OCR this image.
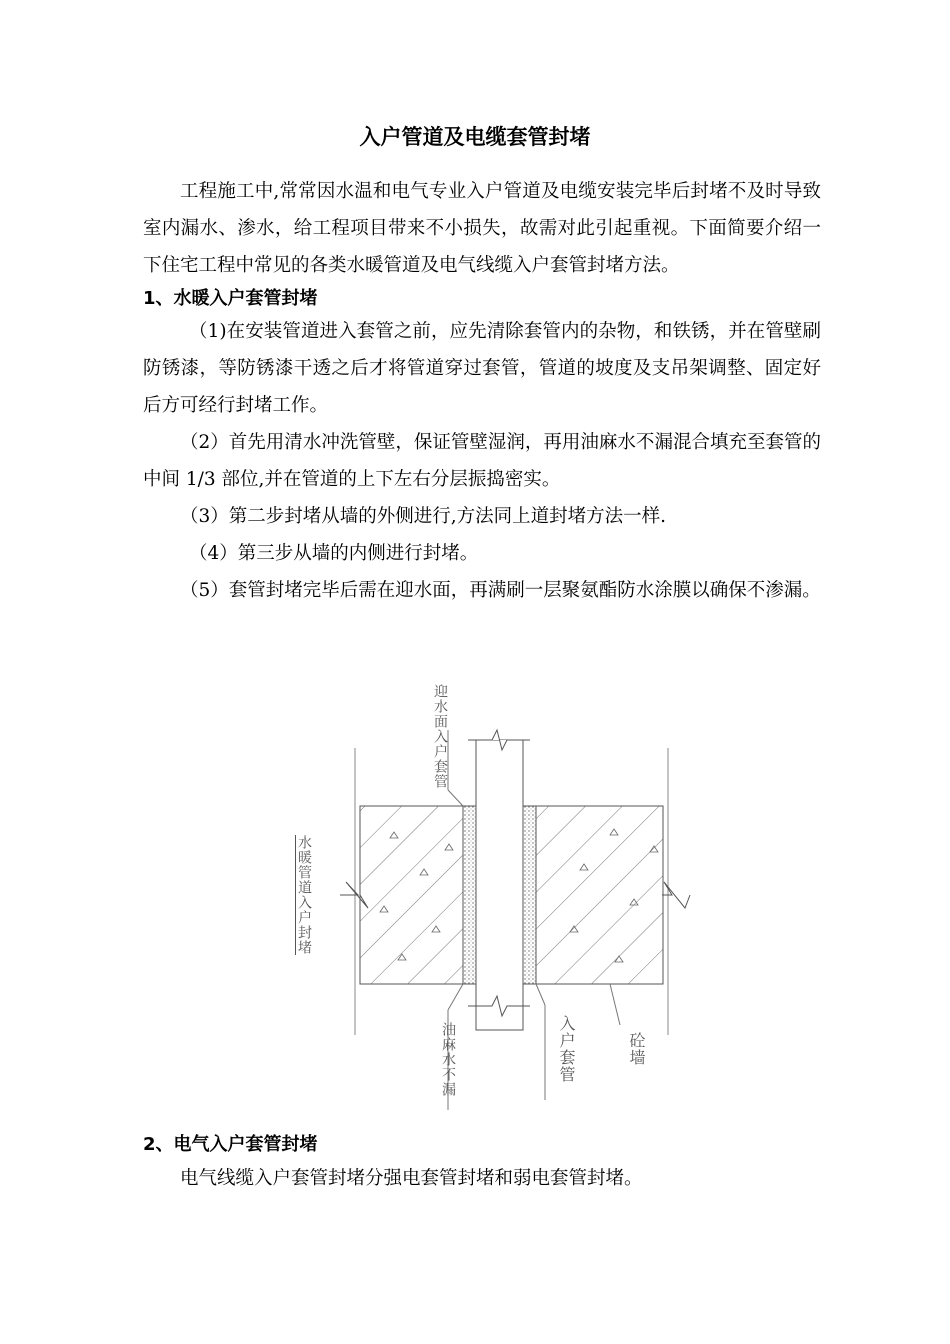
入户管道及电缆套管封堵

工程施工中,常常因水温和电气专业入户管道及电缆安装完毕后封堵不及时导致室内漏水、渗水，给工程项目带来不小损失，故需对此引起重视。下面简要介绍一下住宅工程中常见的各类水暖管道及电气线缆入户套管封堵方法。

1、水暖入户套管封堵

（1)在安装管道进入套管之前，应先清除套管内的杂物，和铁锈，并在管壁刷防锈漆，等防锈漆干透之后才将管道穿过套管，管道的坡度及支吊架调整、固定好后方可经行封堵工作。

（2）首先用清水冲洗管壁，保证管壁湿润，再用油麻水不漏混合填充至套管的中间 1/3 部位,并在管道的上下左右分层振捣密实。

（3）第二步封堵从墙的外侧进行,方法同上道封堵方法一样.

（4）第三步从墙的内侧进行封堵。

（5）套管封堵完毕后需在迎水面，再满刷一层聚氨酯防水涂膜以确保不渗漏。

迎水面入户套管
水暖管道入户封堵
油麻水不漏	入户套管	砼墙
2、电气入户套管封堵

电气线缆入户套管封堵分强电套管封堵和弱电套管封堵。
